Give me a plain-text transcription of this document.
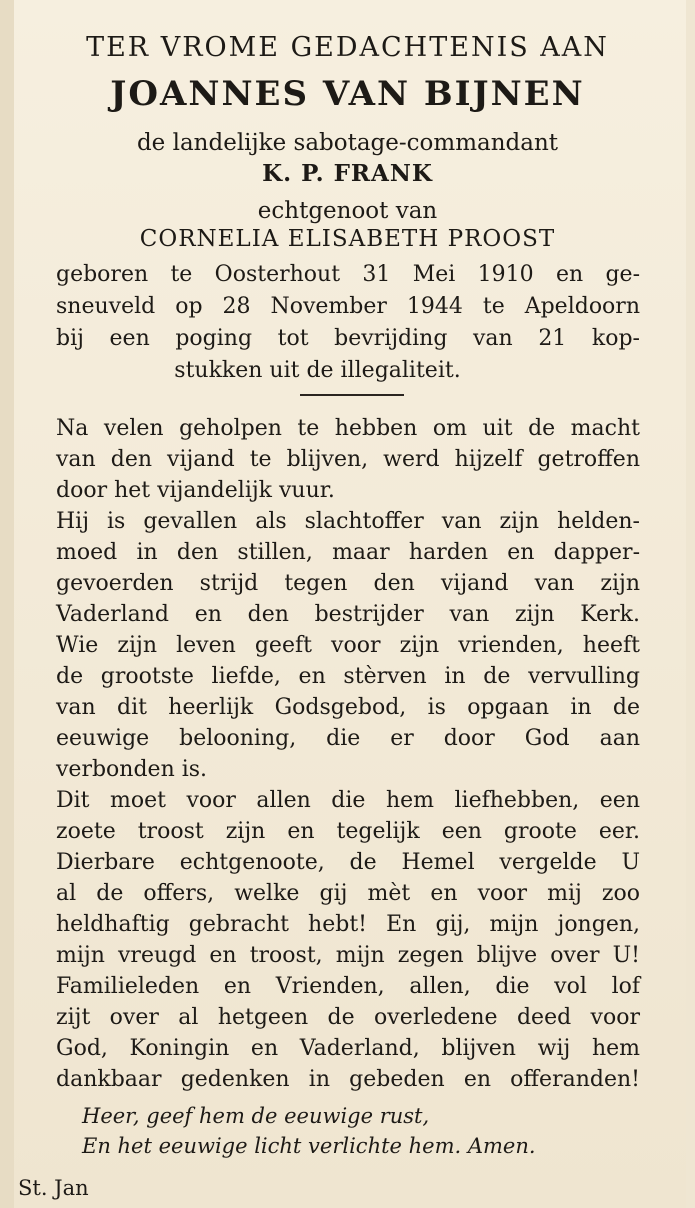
TER VROME GEDACHTENIS AAN
JOANNES VAN BIJNEN
de landelijke sabotage-commandant
K. P. FRANK
echtgenoot van
CORNELIA ELISABETH PROOST
geboren te Oosterhout 31 Mei 1910 en ge-
sneuveld op 28 November 1944 te Apeldoorn
bij een poging tot bevrijding van 21 kop-
stukken uit de illegaliteit.
Na velen geholpen te hebben om uit de macht
van den vijand te blijven, werd hijzelf getroffen
door het vijandelijk vuur.
Hij is gevallen als slachtoffer van zijn helden-
moed in den stillen, maar harden en dapper-
gevoerden strijd tegen den vijand van zijn
Vaderland en den bestrijder van zijn Kerk.
Wie zijn leven geeft voor zijn vrienden, heeft
de grootste liefde, en stèrven in de vervulling
van dit heerlijk Godsgebod, is opgaan in de
eeuwige belooning, die er door God aan
verbonden is.
Dit moet voor allen die hem liefhebben, een
zoete troost zijn en tegelijk een groote eer.
Dierbare echtgenoote, de Hemel vergelde U
al de offers, welke gij mèt en voor mij zoo
heldhaftig gebracht hebt! En gij, mijn jongen,
mijn vreugd en troost, mijn zegen blijve over U!
Familieleden en Vrienden, allen, die vol lof
zijt over al hetgeen de overledene deed voor
God, Koningin en Vaderland, blijven wij hem
dankbaar gedenken in gebeden en offeranden!
Heer, geef hem de eeuwige rust,
En het eeuwige licht verlichte hem. Amen.
St. Jan
